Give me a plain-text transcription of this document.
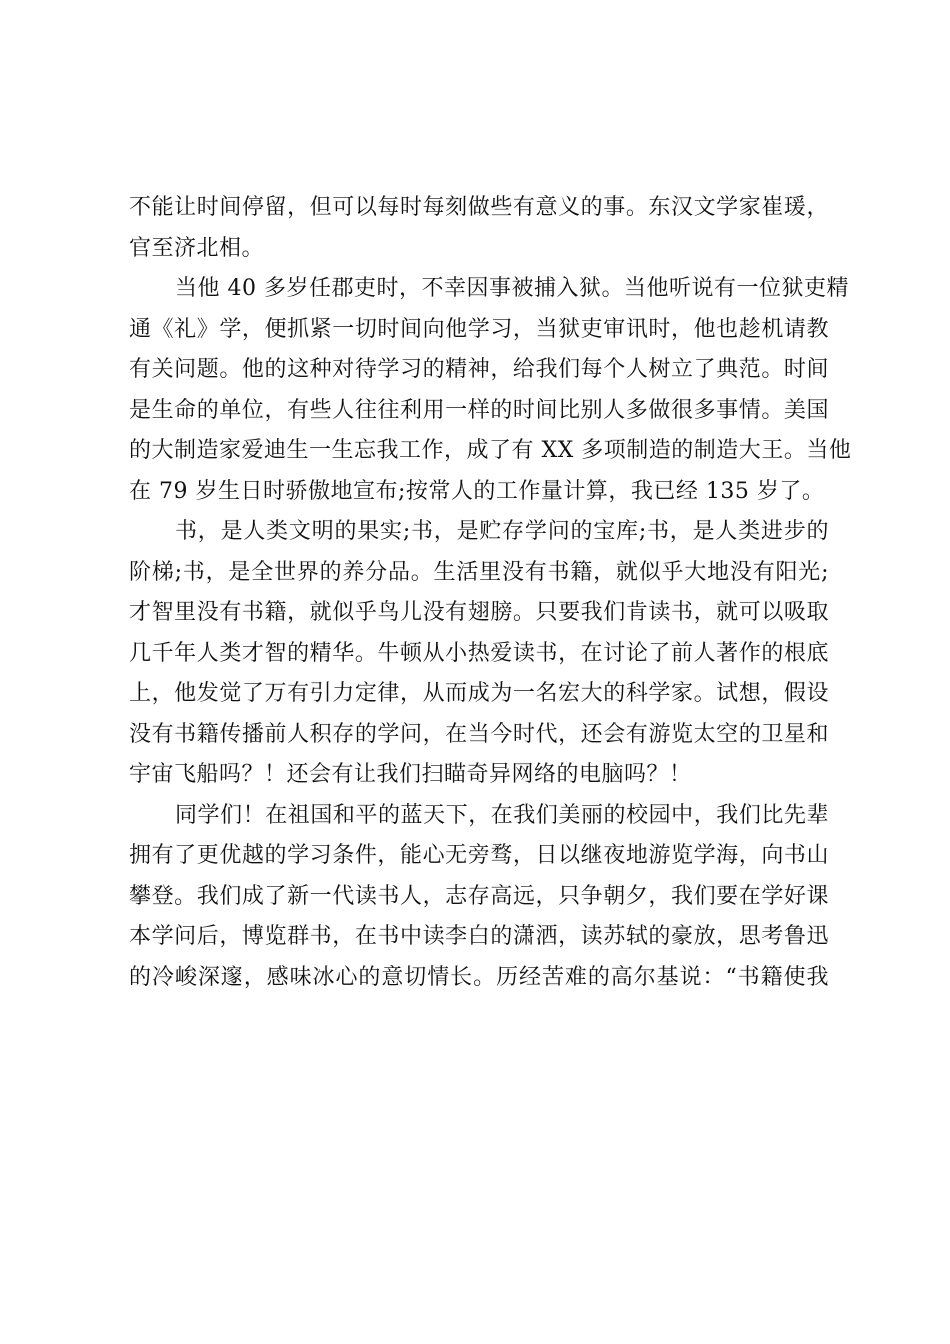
不能让时间停留，但可以每时每刻做些有意义的事。东汉文学家崔瑗，
官至济北相。
当他 40 多岁任郡吏时，不幸因事被捕入狱。当他听说有一位狱吏精
通《礼》学，便抓紧一切时间向他学习，当狱吏审讯时，他也趁机请教
有关问题。他的这种对待学习的精神，给我们每个人树立了典范。时间
是生命的单位，有些人往往利用一样的时间比别人多做很多事情。美国
的大制造家爱迪生一生忘我工作，成了有 XX 多项制造的制造大王。当他
在 79 岁生日时骄傲地宣布;按常人的工作量计算，我已经 135 岁了。
书，是人类文明的果实;书，是贮存学问的宝库;书，是人类进步的
阶梯;书，是全世界的养分品。生活里没有书籍，就似乎大地没有阳光;
才智里没有书籍，就似乎鸟儿没有翅膀。只要我们肯读书，就可以吸取
几千年人类才智的精华。牛顿从小热爱读书，在讨论了前人著作的根底
上，他发觉了万有引力定律，从而成为一名宏大的科学家。试想，假设
没有书籍传播前人积存的学问，在当今时代，还会有游览太空的卫星和
宇宙飞船吗？！还会有让我们扫瞄奇异网络的电脑吗？！
同学们！在祖国和平的蓝天下，在我们美丽的校园中，我们比先辈
拥有了更优越的学习条件，能心无旁骛，日以继夜地游览学海，向书山
攀登。我们成了新一代读书人，志存高远，只争朝夕，我们要在学好课
本学问后，博览群书，在书中读李白的潇洒，读苏轼的豪放，思考鲁迅
的冷峻深邃，感味冰心的意切情长。历经苦难的高尔基说：“书籍使我
